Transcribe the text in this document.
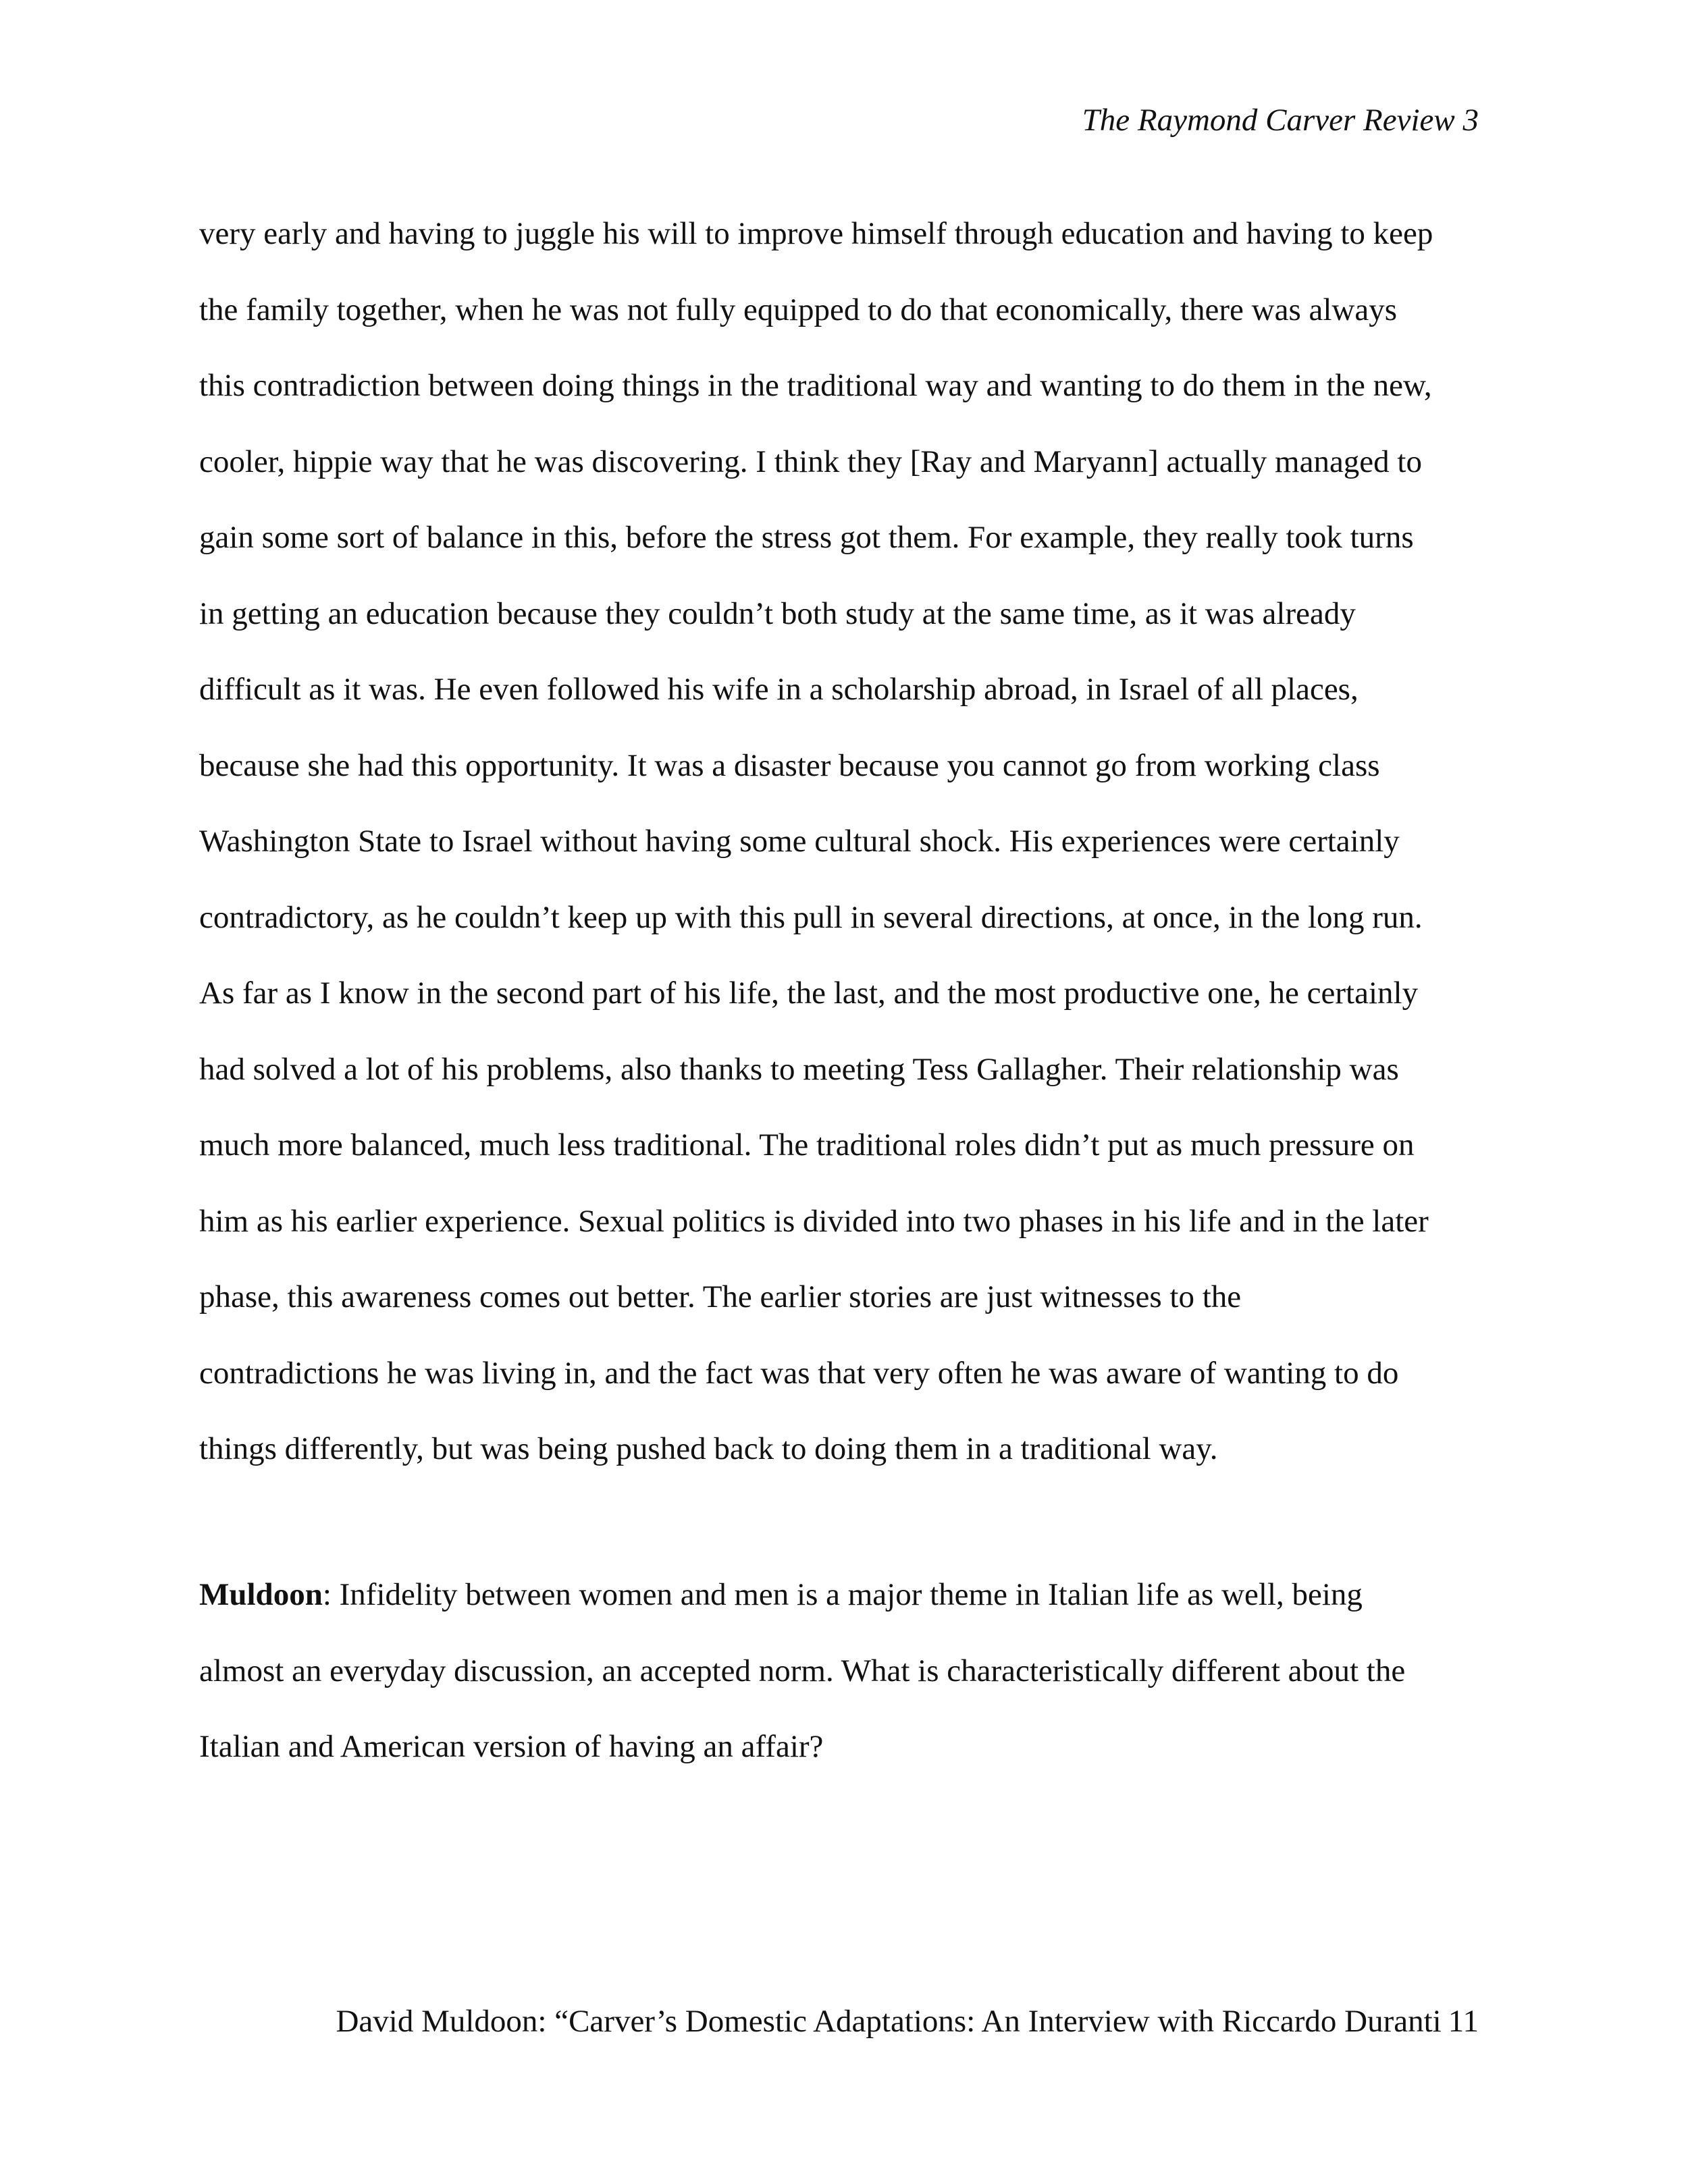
The Raymond Carver Review 3
very early and having to juggle his will to improve himself through education and having to keep
the family together, when he was not fully equipped to do that economically, there was always
this contradiction between doing things in the traditional way and wanting to do them in the new,
cooler, hippie way that he was discovering. I think they [Ray and Maryann] actually managed to
gain some sort of balance in this, before the stress got them. For example, they really took turns
in getting an education because they couldn’t both study at the same time, as it was already
difficult as it was. He even followed his wife in a scholarship abroad, in Israel of all places,
because she had this opportunity. It was a disaster because you cannot go from working class
Washington State to Israel without having some cultural shock. His experiences were certainly
contradictory, as he couldn’t keep up with this pull in several directions, at once, in the long run.
As far as I know in the second part of his life, the last, and the most productive one, he certainly
had solved a lot of his problems, also thanks to meeting Tess Gallagher. Their relationship was
much more balanced, much less traditional. The traditional roles didn’t put as much pressure on
him as his earlier experience. Sexual politics is divided into two phases in his life and in the later
phase, this awareness comes out better. The earlier stories are just witnesses to the
contradictions he was living in, and the fact was that very often he was aware of wanting to do
things differently, but was being pushed back to doing them in a traditional way.
Muldoon: Infidelity between women and men is a major theme in Italian life as well, being
almost an everyday discussion, an accepted norm. What is characteristically different about the
Italian and American version of having an affair?
David Muldoon: “Carver’s Domestic Adaptations: An Interview with Riccardo Duranti 11
